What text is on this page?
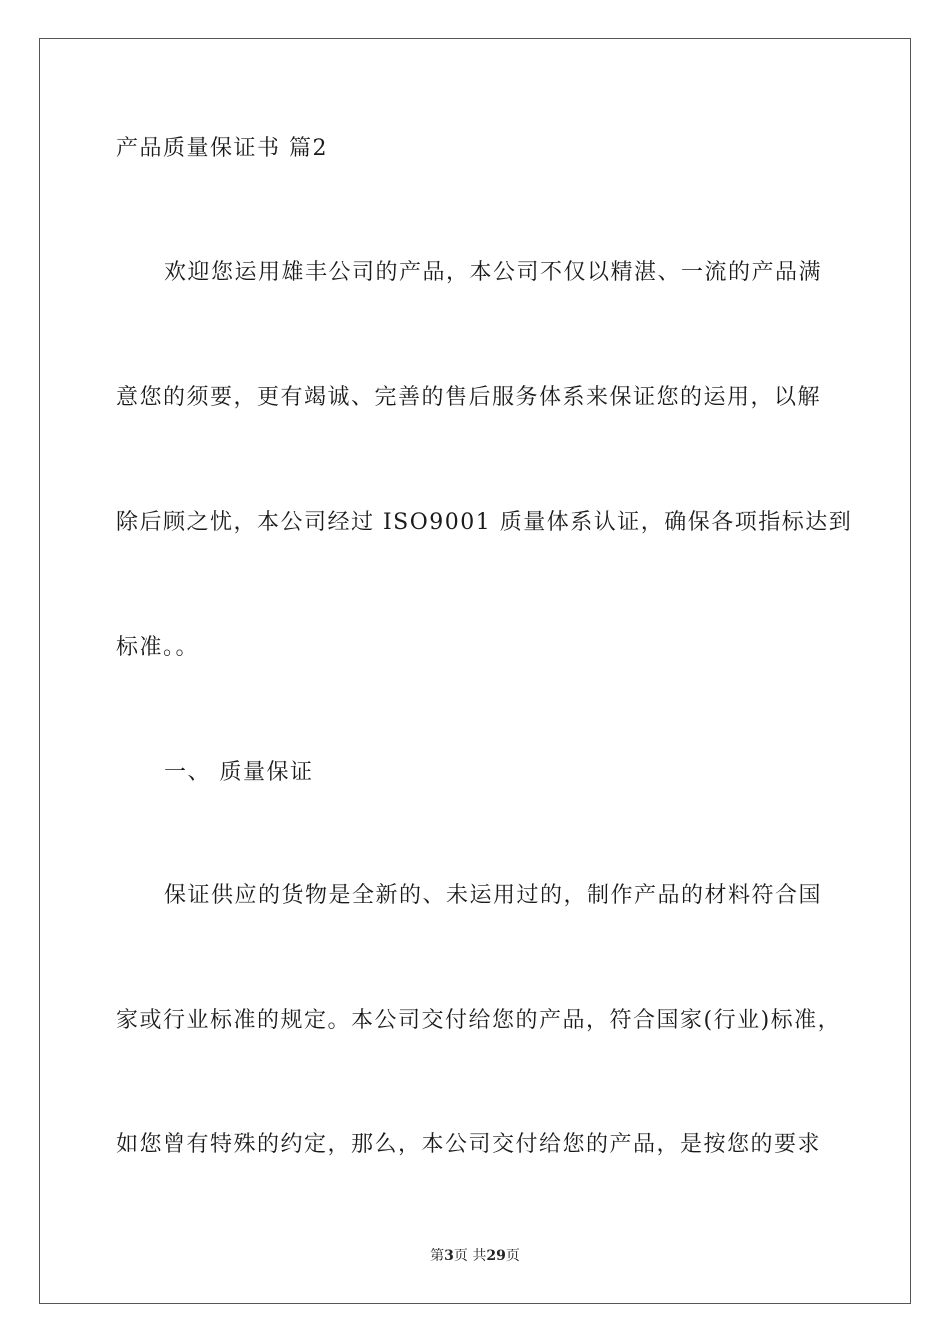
产品质量保证书 篇2
欢迎您运用雄丰公司的产品，本公司不仅以精湛、一流的产品满
意您的须要，更有竭诚、完善的售后服务体系来保证您的运用，以解
除后顾之忧，本公司经过 ISO9001 质量体系认证，确保各项指标达到
标准。。
一、 质量保证
保证供应的货物是全新的、未运用过的，制作产品的材料符合国
家或行业标准的规定。本公司交付给您的产品，符合国家(行业)标准，
如您曾有特殊的约定，那么，本公司交付给您的产品，是按您的要求
第3页 共29页
